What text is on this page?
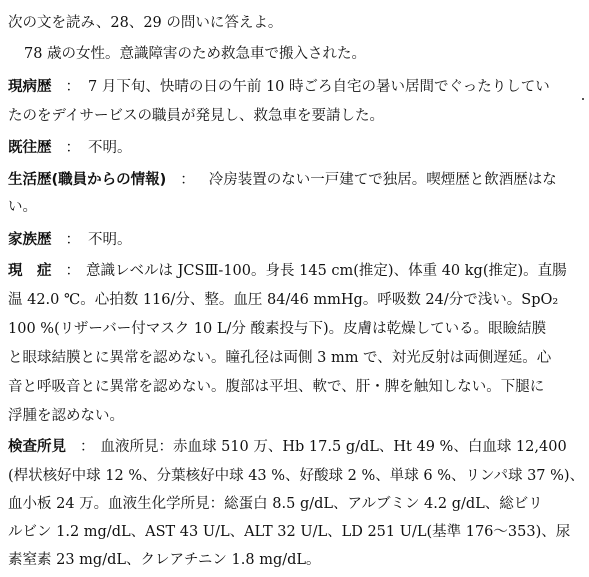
次の文を読み、28、29 の問いに答えよ。
78 歳の女性。意識障害のため救急車で搬入された。
現病歴 ： 7 月下旬、快晴の日の午前 10 時ごろ自宅の暑い居間でぐったりしてい
たのをデイサービスの職員が発見し、救急車を要請した。
既往歴 ： 不明。
生活歴(職員からの情報) ： 冷房装置のない一戸建てで独居。喫煙歴と飲酒歴はな
い。
家族歴 ： 不明。
現　症 ： 意識レベルは JCSⅢ-100。身長 145 cm(推定)、体重 40 kg(推定)。直腸
温 42.0 ℃。心拍数 116/分、整。血圧 84/46 mmHg。呼吸数 24/分で浅い。SpO₂
100 %(リザーバー付マスク 10 L/分 酸素投与下)。皮膚は乾燥している。眼瞼結膜
と眼球結膜とに異常を認めない。瞳孔径は両側 3 mm で、対光反射は両側遅延。心
音と呼吸音とに異常を認めない。腹部は平坦、軟で、肝・脾を触知しない。下腿に
浮腫を認めない。
検査所見 ： 血液所見：赤血球 510 万、Hb 17.5 g/dL、Ht 49 %、白血球 12,400
(桿状核好中球 12 %、分葉核好中球 43 %、好酸球 2 %、単球 6 %、リンパ球 37 %)、
血小板 24 万。血液生化学所見：総蛋白 8.5 g/dL、アルブミン 4.2 g/dL、総ビリ
ルビン 1.2 mg/dL、AST 43 U/L、ALT 32 U/L、LD 251 U/L(基準 176～353)、尿
素窒素 23 mg/dL、クレアチニン 1.8 mg/dL。
